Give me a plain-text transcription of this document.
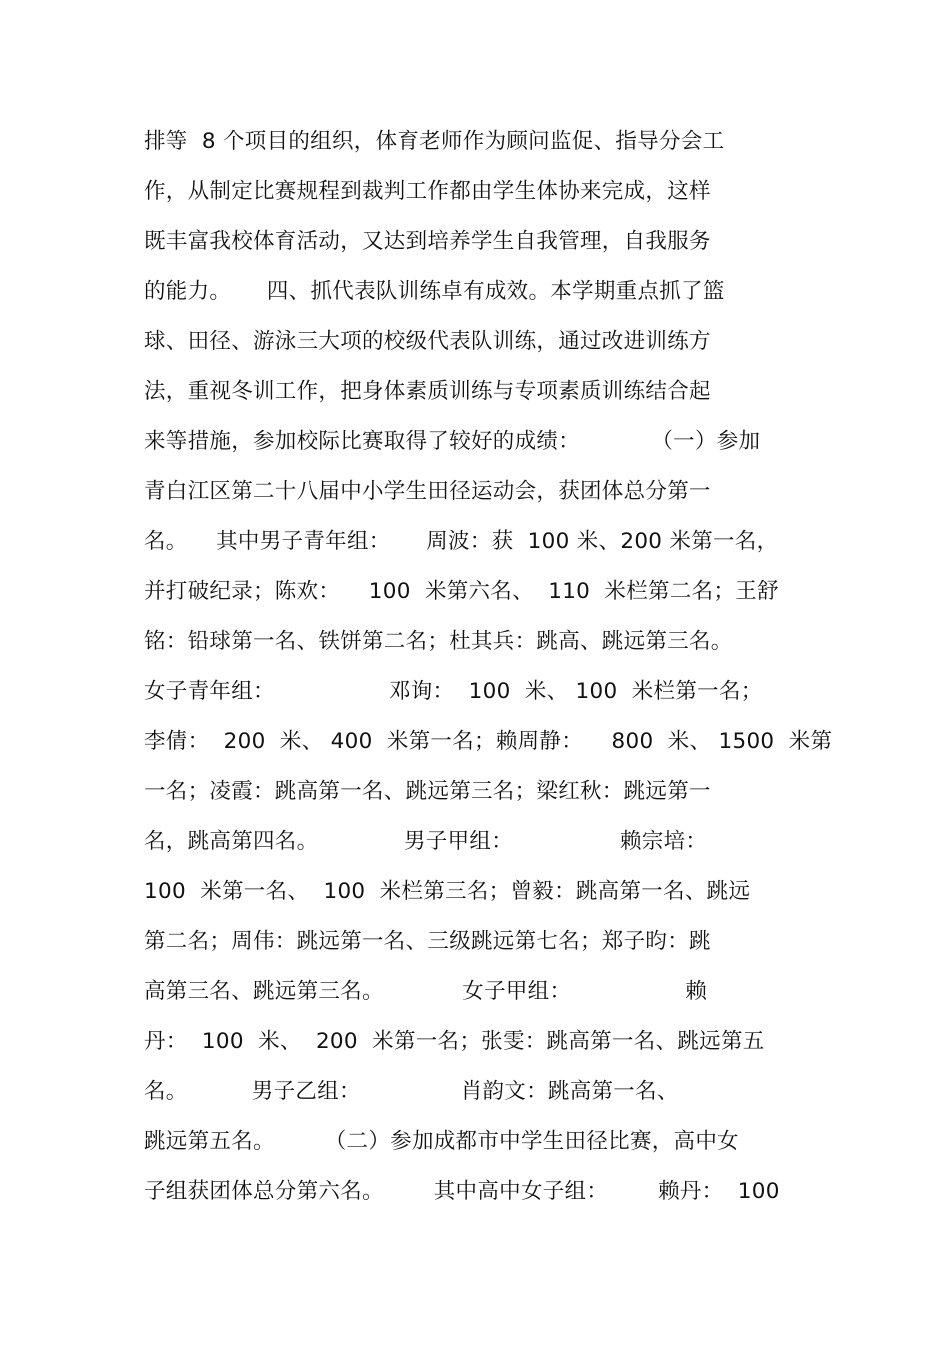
排等  8 个项目的组织，体育老师作为顾问监促、指导分会工
作，从制定比赛规程到裁判工作都由学生体协来完成，这样
既丰富我校体育活动，又达到培养学生自我管理，自我服务
的能力。     四、抓代表队训练卓有成效。本学期重点抓了篮
球、田径、游泳三大项的校级代表队训练，通过改进训练方
法，重视冬训工作，把身体素质训练与专项素质训练结合起
来等措施，参加校际比赛取得了较好的成绩：          （一）参加
青白江区第二十八届中小学生田径运动会，获团体总分第一
名。    其中男子青年组：     周波：获  100 米、200 米第一名，
并打破纪录；陈欢：    100  米第六名、  110  米栏第二名；王舒
铭：铅球第一名、铁饼第二名；杜其兵：跳高、跳远第三名。
女子青年组：                邓询：  100  米、 100  米栏第一名；
李倩：  200  米、 400  米第一名；赖周静：    800  米、 1500  米第
一名；凌霞：跳高第一名、跳远第三名；梁红秋：跳远第一
名，跳高第四名。            男子甲组：               赖宗培：
100  米第一名、  100  米栏第三名；曾毅：跳高第一名、跳远
第二名；周伟：跳远第一名、三级跳远第七名；郑子昀：跳
高第三名、跳远第三名。           女子甲组：                赖
丹：  100  米、  200  米第一名；张雯：跳高第一名、跳远第五
名。         男子乙组：              肖韵文：跳高第一名、
跳远第五名。       （二）参加成都市中学生田径比赛，高中女
子组获团体总分第六名。       其中高中女子组：       赖丹：  100
